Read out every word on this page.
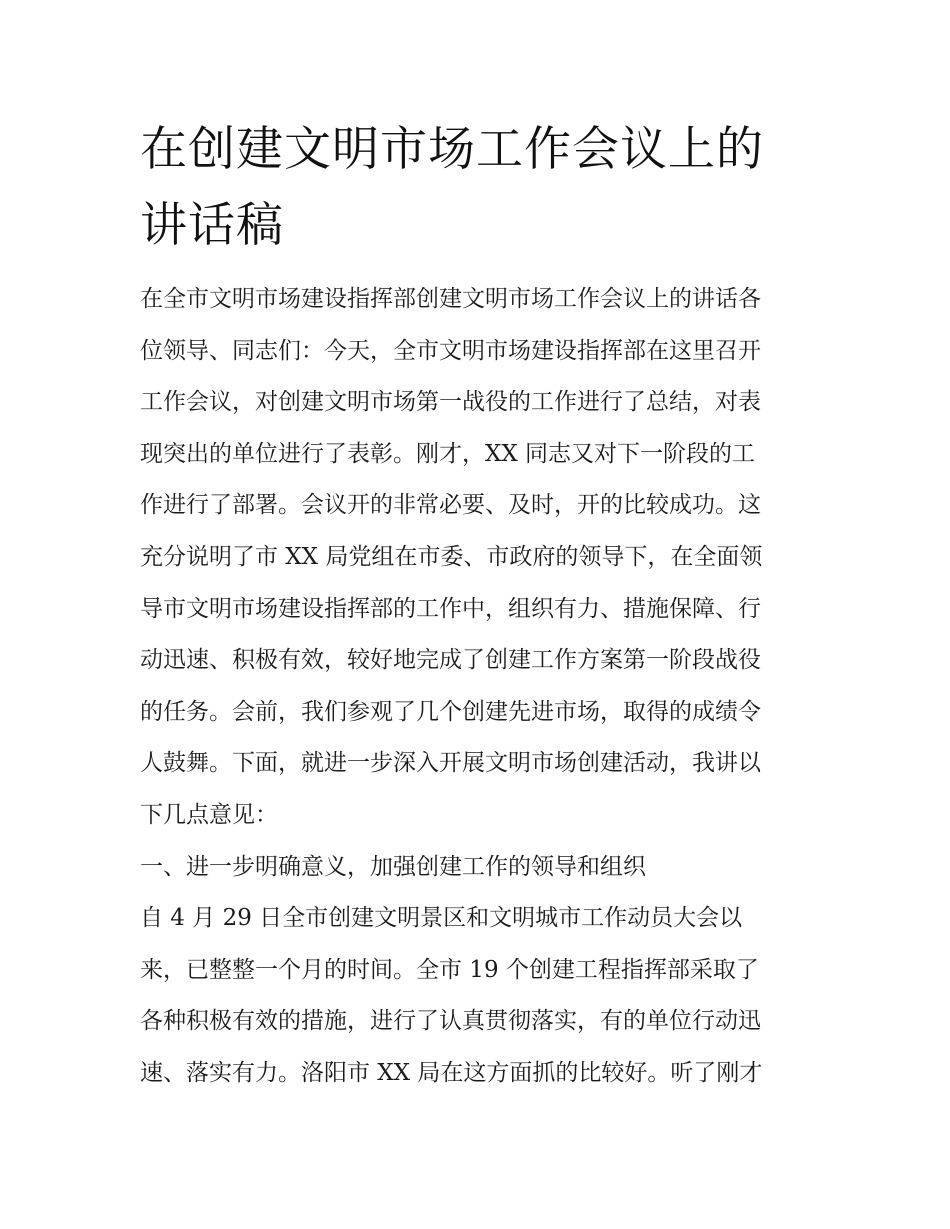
在创建文明市场工作会议上的
讲话稿
在全市文明市场建设指挥部创建文明市场工作会议上的讲话各
位领导、同志们：今天，全市文明市场建设指挥部在这里召开
工作会议，对创建文明市场第一战役的工作进行了总结，对表
现突出的单位进行了表彰。刚才，XX 同志又对下一阶段的工
作进行了部署。会议开的非常必要、及时，开的比较成功。这
充分说明了市 XX 局党组在市委、市政府的领导下，在全面领
导市文明市场建设指挥部的工作中，组织有力、措施保障、行
动迅速、积极有效，较好地完成了创建工作方案第一阶段战役
的任务。会前，我们参观了几个创建先进市场，取得的成绩令
人鼓舞。下面，就进一步深入开展文明市场创建活动，我讲以
下几点意见：
一、进一步明确意义，加强创建工作的领导和组织
自 4 月 29 日全市创建文明景区和文明城市工作动员大会以
来，已整整一个月的时间。全市 19 个创建工程指挥部采取了
各种积极有效的措施，进行了认真贯彻落实，有的单位行动迅
速、落实有力。洛阳市 XX 局在这方面抓的比较好。听了刚才
